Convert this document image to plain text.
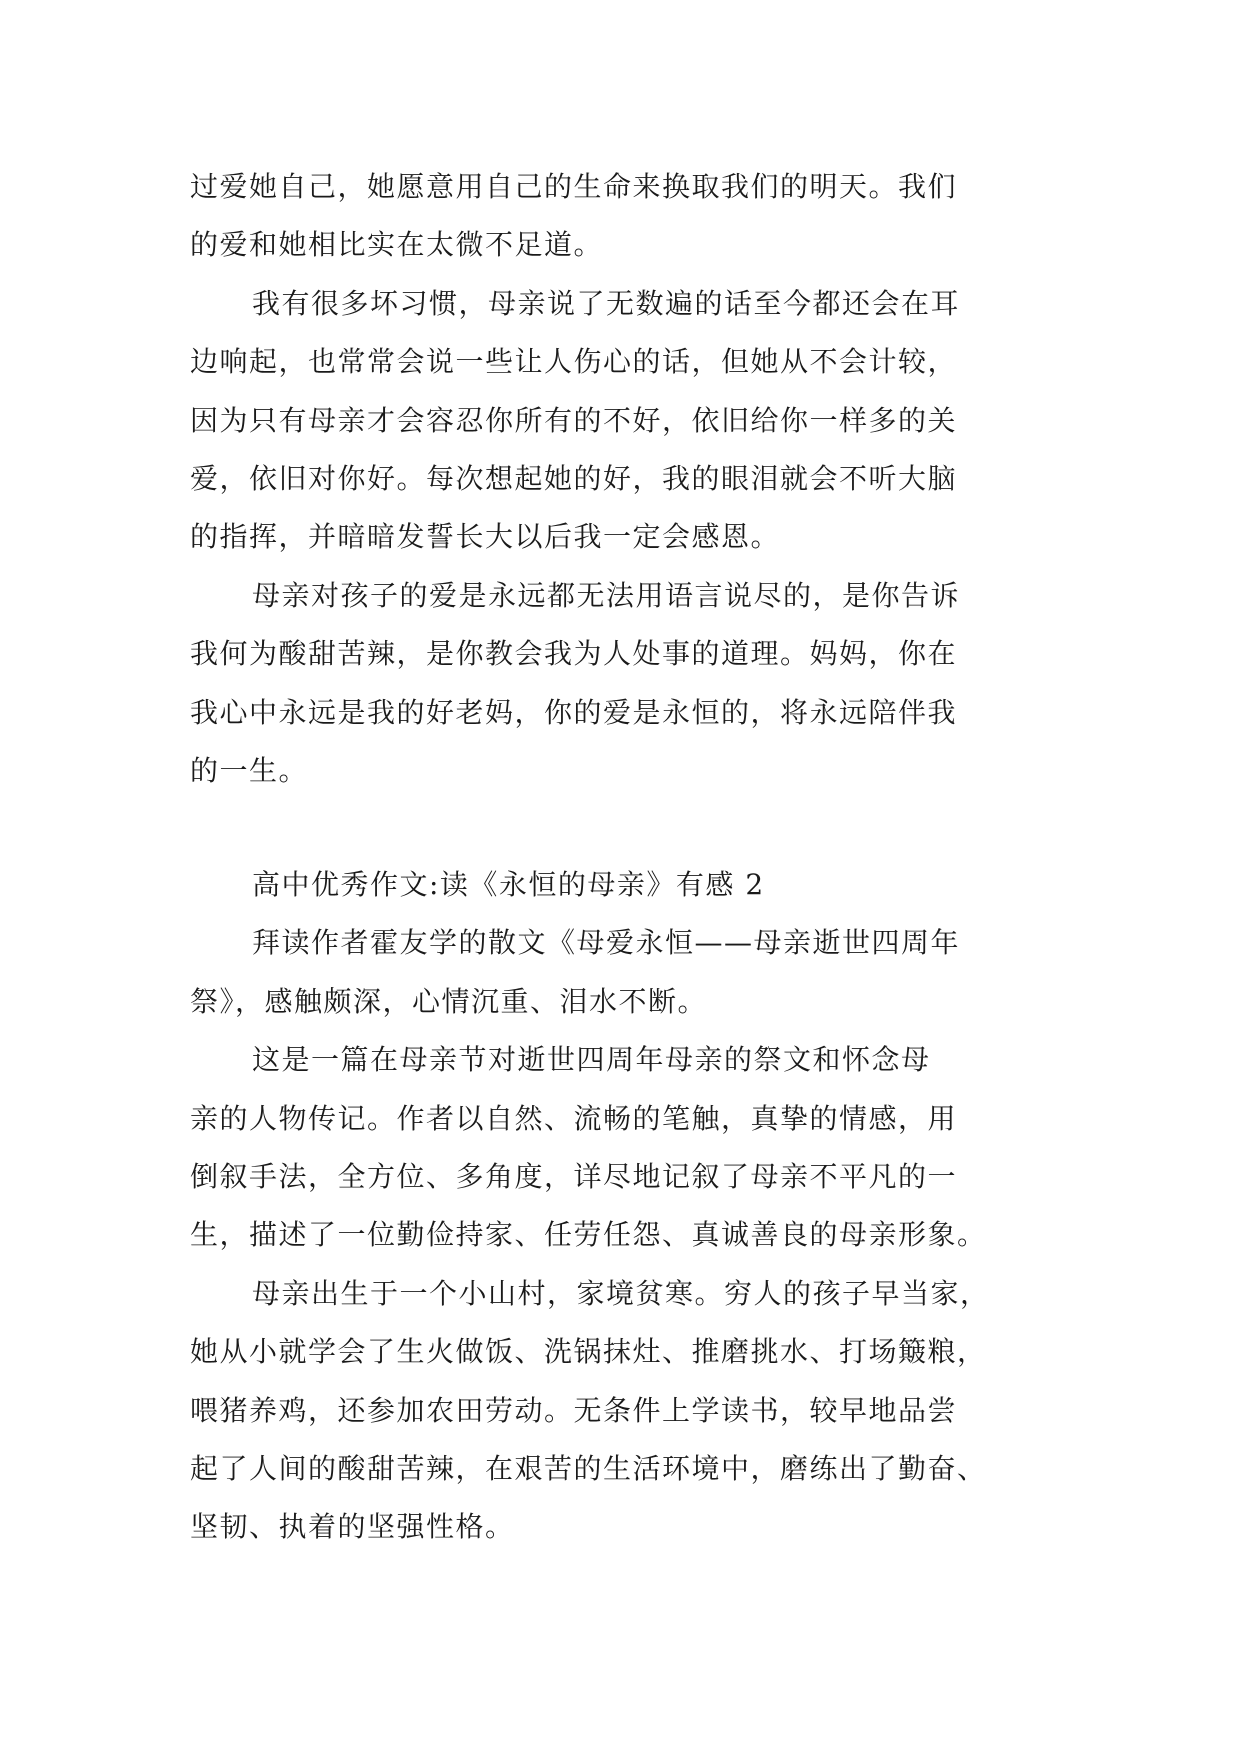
过爱她自己，她愿意用自己的生命来换取我们的明天。我们
的爱和她相比实在太微不足道。

我有很多坏习惯，母亲说了无数遍的话至今都还会在耳
边响起，也常常会说一些让人伤心的话，但她从不会计较，
因为只有母亲才会容忍你所有的不好，依旧给你一样多的关
爱，依旧对你好。每次想起她的好，我的眼泪就会不听大脑
的指挥，并暗暗发誓长大以后我一定会感恩。

母亲对孩子的爱是永远都无法用语言说尽的，是你告诉
我何为酸甜苦辣，是你教会我为人处事的道理。妈妈，你在
我心中永远是我的好老妈，你的爱是永恒的，将永远陪伴我
的一生。

高中优秀作文:读《永恒的母亲》有感 2

拜读作者霍友学的散文《母爱永恒——母亲逝世四周年
祭》，感触颇深，心情沉重、泪水不断。

这是一篇在母亲节对逝世四周年母亲的祭文和怀念母
亲的人物传记。作者以自然、流畅的笔触，真挚的情感，用
倒叙手法，全方位、多角度，详尽地记叙了母亲不平凡的一
生，描述了一位勤俭持家、任劳任怨、真诚善良的母亲形象。

母亲出生于一个小山村，家境贫寒。穷人的孩子早当家，
她从小就学会了生火做饭、洗锅抹灶、推磨挑水、打场簸粮，
喂猪养鸡，还参加农田劳动。无条件上学读书，较早地品尝
起了人间的酸甜苦辣，在艰苦的生活环境中，磨练出了勤奋、
坚韧、执着的坚强性格。
